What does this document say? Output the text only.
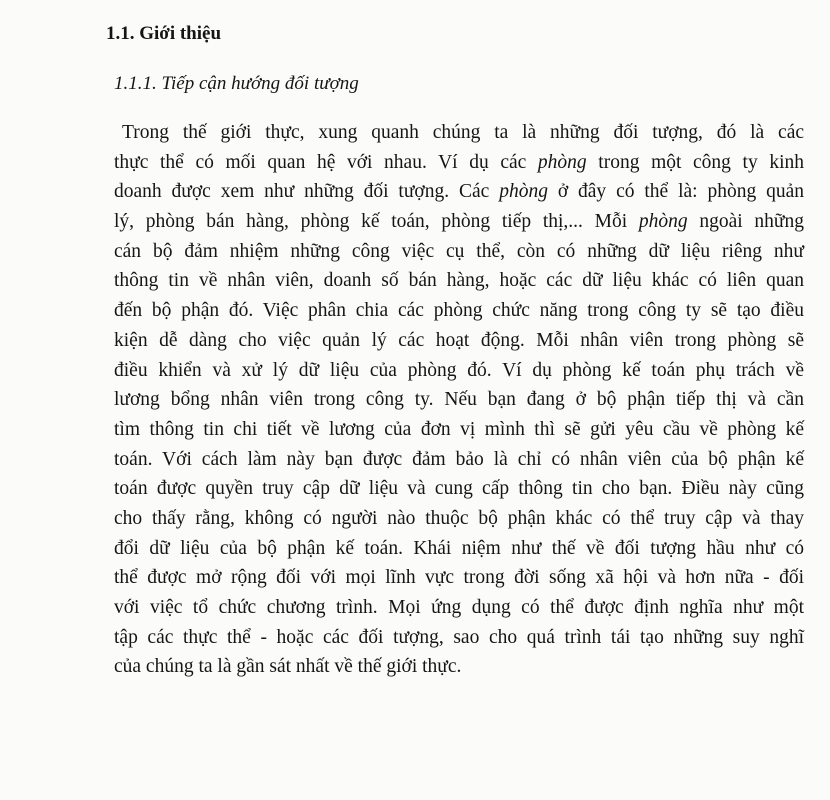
1.1. Giới thiệu
1.1.1. Tiếp cận hướng đối tượng
Trong thế giới thực, xung quanh chúng ta là những đối tượng, đó là các
thực thể có mối quan hệ với nhau. Ví dụ các phòng trong một công ty kinh
doanh được xem như những đối tượng. Các phòng ở đây có thể là: phòng quản
lý, phòng bán hàng, phòng kế toán, phòng tiếp thị,... Mỗi phòng ngoài những
cán bộ đảm nhiệm những công việc cụ thể, còn có những dữ liệu riêng như
thông tin về nhân viên, doanh số bán hàng, hoặc các dữ liệu khác có liên quan
đến bộ phận đó. Việc phân chia các phòng chức năng trong công ty sẽ tạo điều
kiện dễ dàng cho việc quản lý các hoạt động. Mỗi nhân viên trong phòng sẽ
điều khiển và xử lý dữ liệu của phòng đó. Ví dụ phòng kế toán phụ trách về
lương bổng nhân viên trong công ty. Nếu bạn đang ở bộ phận tiếp thị và cần
tìm thông tin chi tiết về lương của đơn vị mình thì sẽ gửi yêu cầu về phòng kế
toán. Với cách làm này bạn được đảm bảo là chỉ có nhân viên của bộ phận kế
toán được quyền truy cập dữ liệu và cung cấp thông tin cho bạn. Điều này cũng
cho thấy rằng, không có người nào thuộc bộ phận khác có thể truy cập và thay
đổi dữ liệu của bộ phận kế toán. Khái niệm như thế về đối tượng hầu như có
thể được mở rộng đối với mọi lĩnh vực trong đời sống xã hội và hơn nữa - đối
với việc tổ chức chương trình. Mọi ứng dụng có thể được định nghĩa như một
tập các thực thể - hoặc các đối tượng, sao cho quá trình tái tạo những suy nghĩ
của chúng ta là gần sát nhất về thế giới thực.
